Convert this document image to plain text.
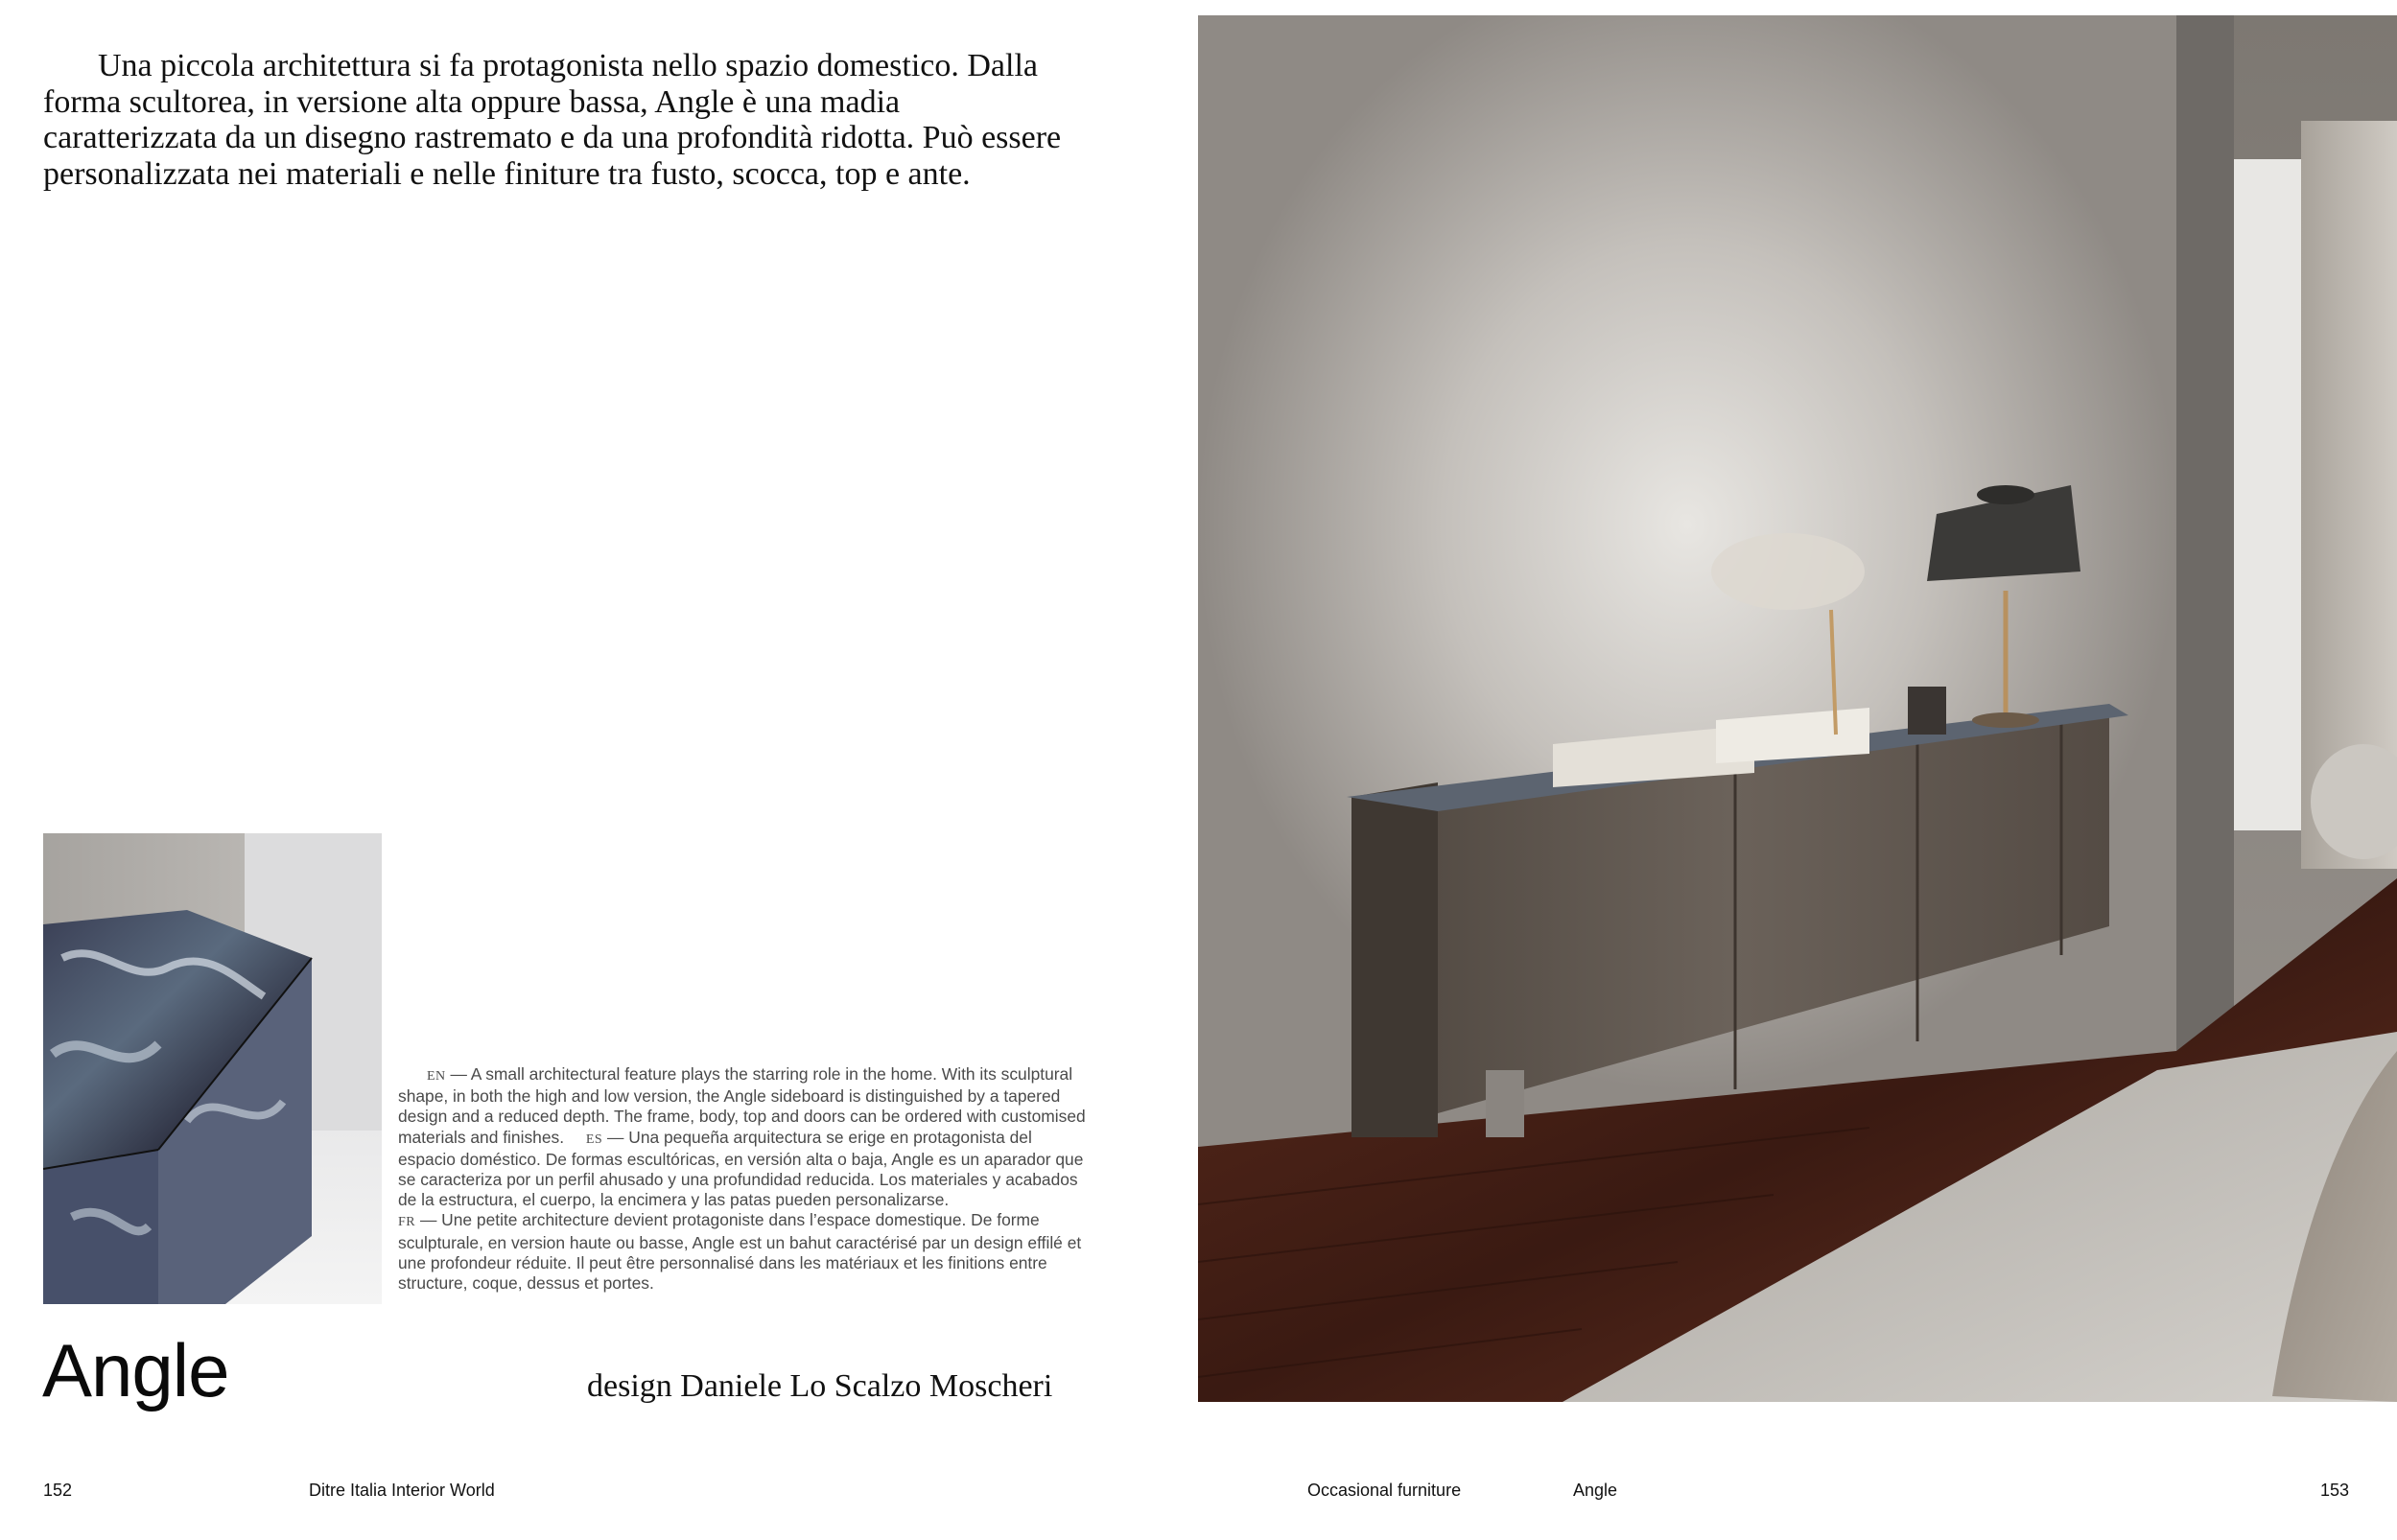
Una piccola architettura si fa protagonista nello spazio domestico. Dalla forma scultorea, in versione alta oppure bassa, Angle è una madia caratterizzata da un disegno rastremato e da una profondità ridotta. Può essere personalizzata nei materiali e nelle finiture tra fusto, scocca, top e ante.

EN — A small architectural feature plays the starring role in the home. With its sculptural shape, in both the high and low version, the Angle sideboard is distinguished by a tapered design and a reduced depth. The frame, body, top and doors can be ordered with customised materials and finishes. ES — Una pequeña arquitectura se erige en protagonista del espacio doméstico. De formas escultóricas, en versión alta o baja, Angle es un aparador que se caracteriza por un perfil ahusado y una profundidad reducida. Los materiales y acabados de la estructura, el cuerpo, la encimera y las patas pueden personalizarse.

FR — Une petite architecture devient protagoniste dans l’espace domestique. De forme sculpturale, en version haute ou basse, Angle est un bahut caractérisé par un design effilé et une profondeur réduite. Il peut être personnalisé dans les matériaux et les finitions entre structure, coque, dessus et portes.

Angle	design Daniele Lo Scalzo Moscheri
152	Ditre Italia Interior World	Occasional furniture	Angle	153
